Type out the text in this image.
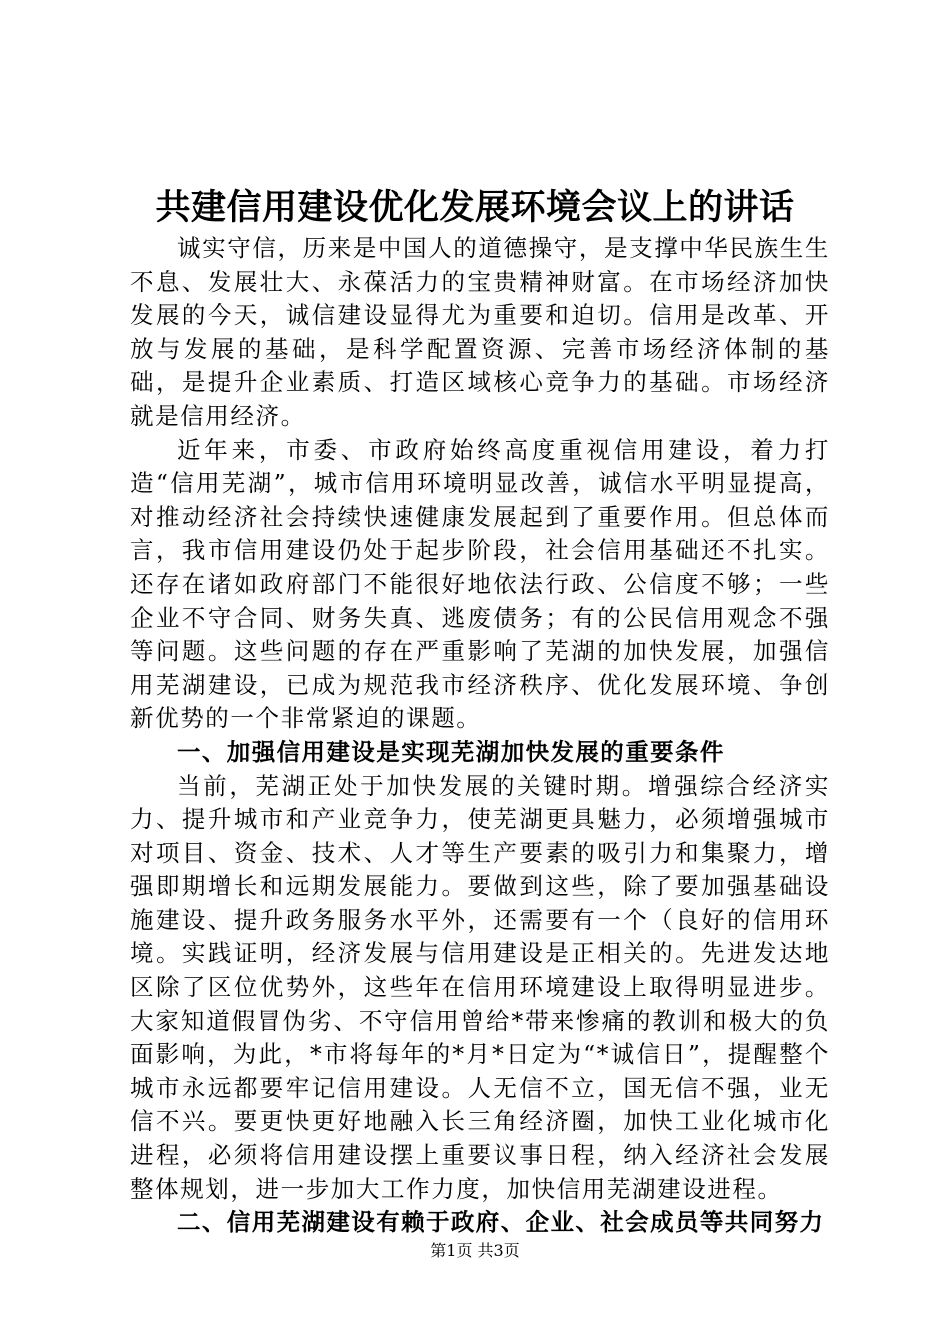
共建信用建设优化发展环境会议上的讲话

诚实守信，历来是中国人的道德操守，是支撑中华民族生生不息、发展壮大、永葆活力的宝贵精神财富。在市场经济加快发展的今天，诚信建设显得尤为重要和迫切。信用是改革、开放与发展的基础，是科学配置资源、完善市场经济体制的基础，是提升企业素质、打造区域核心竞争力的基础。市场经济就是信用经济。

近年来，市委、市政府始终高度重视信用建设，着力打造“信用芜湖”，城市信用环境明显改善，诚信水平明显提高，对推动经济社会持续快速健康发展起到了重要作用。但总体而言，我市信用建设仍处于起步阶段，社会信用基础还不扎实。还存在诸如政府部门不能很好地依法行政、公信度不够；一些企业不守合同、财务失真、逃废债务；有的公民信用观念不强等问题。这些问题的存在严重影响了芜湖的加快发展，加强信用芜湖建设，已成为规范我市经济秩序、优化发展环境、争创新优势的一个非常紧迫的课题。

一、加强信用建设是实现芜湖加快发展的重要条件

当前，芜湖正处于加快发展的关键时期。增强综合经济实力、提升城市和产业竞争力，使芜湖更具魅力，必须增强城市对项目、资金、技术、人才等生产要素的吸引力和集聚力，增强即期增长和远期发展能力。要做到这些，除了要加强基础设施建设、提升政务服务水平外，还需要有一个（良好的信用环境。实践证明，经济发展与信用建设是正相关的。先进发达地区除了区位优势外，这些年在信用环境建设上取得明显进步。大家知道假冒伪劣、不守信用曾给*带来惨痛的教训和极大的负面影响，为此，*市将每年的*月*日定为“*诚信日”，提醒整个城市永远都要牢记信用建设。人无信不立，国无信不强，业无信不兴。要更快更好地融入长三角经济圈，加快工业化城市化进程，必须将信用建设摆上重要议事日程，纳入经济社会发展整体规划，进一步加大工作力度，加快信用芜湖建设进程。

二、信用芜湖建设有赖于政府、企业、社会成员等共同努力

第1页 共3页
